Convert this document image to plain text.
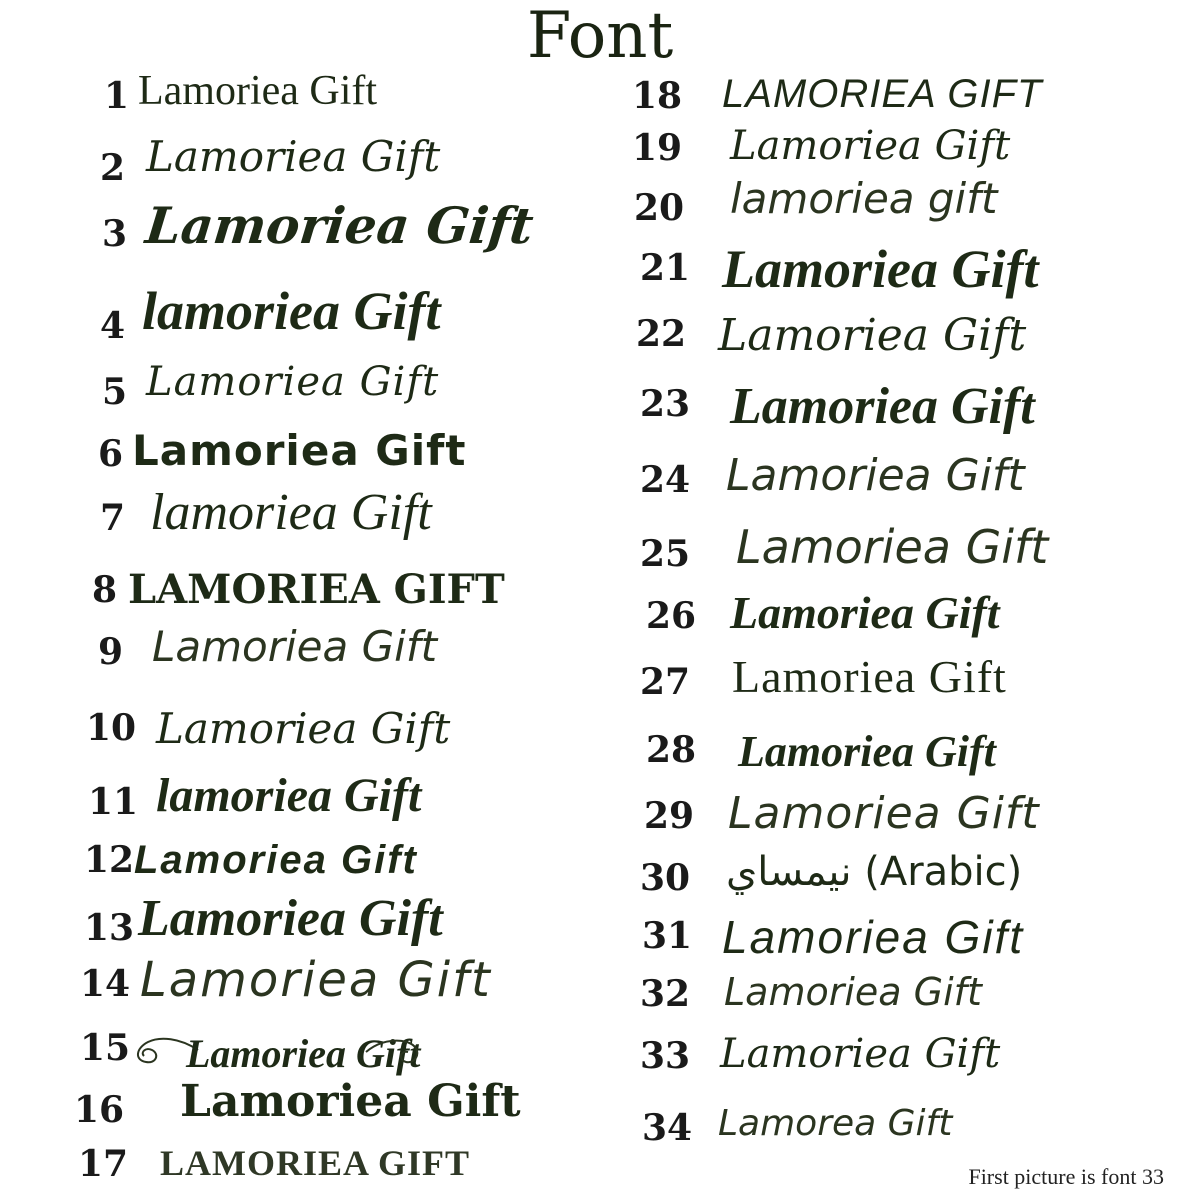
Font
1 Lamoriea Gift
2 Lamoriea Gift
3 Lamoriea Gift
4 lamoriea Gift
5 Lamoriea Gift
6 Lamoriea Gift
7 lamoriea Gift
8 LAMORIEA GIFT
9 Lamoriea Gift
10 Lamoriea Gift
11 lamoriea Gift
12 Lamoriea Gift
13 Lamoriea Gift
14 Lamoriea Gift
15 Lamoriea Gift
16 Lamoriea Gift
17 LAMORIEA GIFT
18 LAMORIEA GIFT
19 Lamoriea Gift
20 lamoriea gift
21 Lamoriea Gift
22 Lamoriea Gift
23 Lamoriea Gift
24 Lamoriea Gift
25 Lamoriea Gift
26 Lamoriea Gift
27 Lamoriea Gift
28 Lamoriea Gift
29 Lamoriea Gift
30 نيمساي (Arabic)
31 Lamoriea Gift
32 Lamoriea Gift
33 Lamoriea Gift
34 Lamorea Gift
First picture is font 33
